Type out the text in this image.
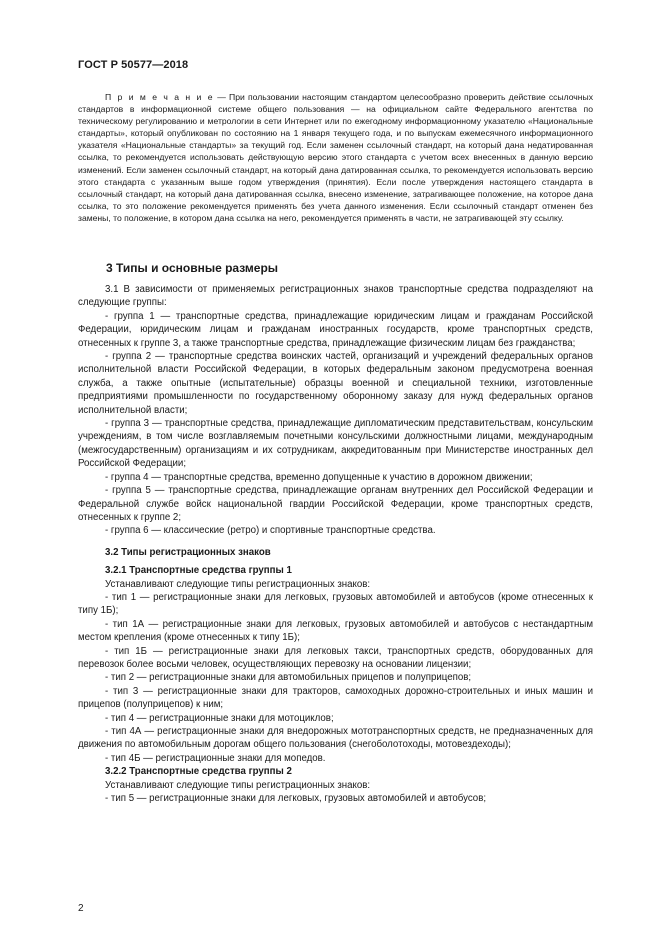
ГОСТ Р 50577—2018

П р и м е ч а н и е — При пользовании настоящим стандартом целесообразно проверить действие ссылочных стандартов в информационной системе общего пользования — на официальном сайте Федерального агентства по техническому регулированию и метрологии в сети Интернет или по ежегодному информационному указателю «Национальные стандарты», который опубликован по состоянию на 1 января текущего года, и по выпускам ежемесячного информационного указателя «Национальные стандарты» за текущий год. Если заменен ссылочный стандарт, на который дана недатированная ссылка, то рекомендуется использовать действующую версию этого стандарта с учетом всех внесенных в данную версию изменений. Если заменен ссылочный стандарт, на который дана датированная ссылка, то рекомендуется использовать версию этого стандарта с указанным выше годом утверждения (принятия). Если после утверждения настоящего стандарта в ссылочный стандарт, на который дана датированная ссылка, внесено изменение, затрагивающее положение, на которое дана ссылка, то это положение рекомендуется применять без учета данного изменения. Если ссылочный стандарт отменен без замены, то положение, в котором дана ссылка на него, рекомендуется применять в части, не затрагивающей эту ссылку.

3 Типы и основные размеры

3.1 В зависимости от применяемых регистрационных знаков транспортные средства подразделяют на следующие группы:

- группа 1 — транспортные средства, принадлежащие юридическим лицам и гражданам Российской Федерации, юридическим лицам и гражданам иностранных государств, кроме транспортных средств, отнесенных к группе 3, а также транспортные средства, принадлежащие физическим лицам без гражданства;

- группа 2 — транспортные средства воинских частей, организаций и учреждений федеральных органов исполнительной власти Российской Федерации, в которых федеральным законом предусмотрена военная служба, а также опытные (испытательные) образцы военной и специальной техники, изготовленные предприятиями промышленности по государственному оборонному заказу для нужд федеральных органов исполнительной власти;

- группа 3 — транспортные средства, принадлежащие дипломатическим представительствам, консульским учреждениям, в том числе возглавляемым почетными консульскими должностными лицами, международным (межгосударственным) организациям и их сотрудникам, аккредитованным при Министерстве иностранных дел Российской Федерации;

- группа 4 — транспортные средства, временно допущенные к участию в дорожном движении;

- группа 5 — транспортные средства, принадлежащие органам внутренних дел Российской Федерации и Федеральной службе войск национальной гвардии Российской Федерации, кроме транспортных средств, отнесенных к группе 2;

- группа 6 — классические (ретро) и спортивные транспортные средства.

3.2 Типы регистрационных знаков

3.2.1 Транспортные средства группы 1

Устанавливают следующие типы регистрационных знаков:

- тип 1 — регистрационные знаки для легковых, грузовых автомобилей и автобусов (кроме отнесенных к типу 1Б);

- тип 1А — регистрационные знаки для легковых, грузовых автомобилей и автобусов с нестандартным местом крепления (кроме отнесенных к типу 1Б);

- тип 1Б — регистрационные знаки для легковых такси, транспортных средств, оборудованных для перевозок более восьми человек, осуществляющих перевозку на основании лицензии;

- тип 2 — регистрационные знаки для автомобильных прицепов и полуприцепов;

- тип 3 — регистрационные знаки для тракторов, самоходных дорожно-строительных и иных машин и прицепов (полуприцепов) к ним;

- тип 4 — регистрационные знаки для мотоциклов;

- тип 4А — регистрационные знаки для внедорожных мототранспортных средств, не предназначенных для движения по автомобильным дорогам общего пользования (снегоболотоходы, мотовездеходы);

- тип 4Б — регистрационные знаки для мопедов.

3.2.2 Транспортные средства группы 2

Устанавливают следующие типы регистрационных знаков:

- тип 5 — регистрационные знаки для легковых, грузовых автомобилей и автобусов;

2
